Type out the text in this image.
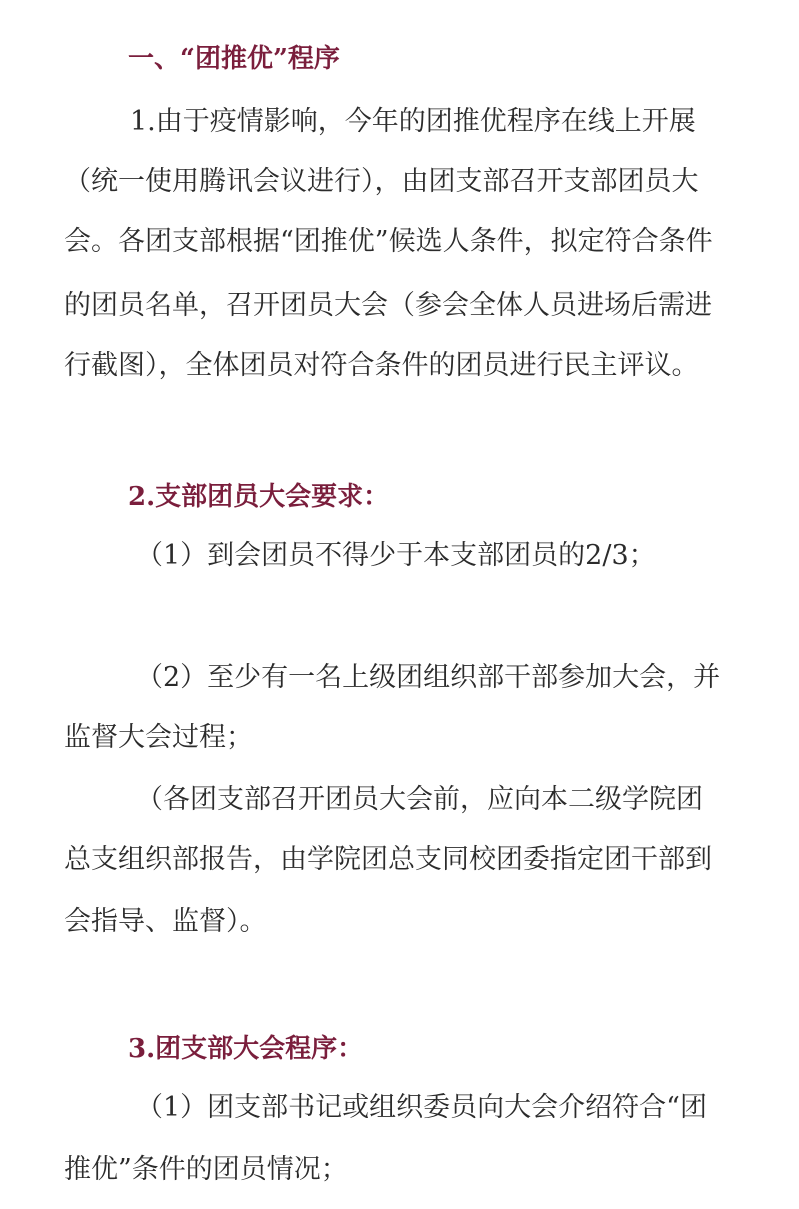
一、“团推优”程序

1.由于疫情影响，今年的团推优程序在线上开展

（统一使用腾讯会议进行），由团支部召开支部团员大

会。各团支部根据“团推优”候选人条件，拟定符合条件

的团员名单，召开团员大会（参会全体人员进场后需进

行截图），全体团员对符合条件的团员进行民主评议。

2.支部团员大会要求：

（1）到会团员不得少于本支部团员的2/3；

（2）至少有一名上级团组织部干部参加大会，并

监督大会过程；

（各团支部召开团员大会前，应向本二级学院团

总支组织部报告，由学院团总支同校团委指定团干部到

会指导、监督）。

3.团支部大会程序：

（1）团支部书记或组织委员向大会介绍符合“团

推优”条件的团员情况；
